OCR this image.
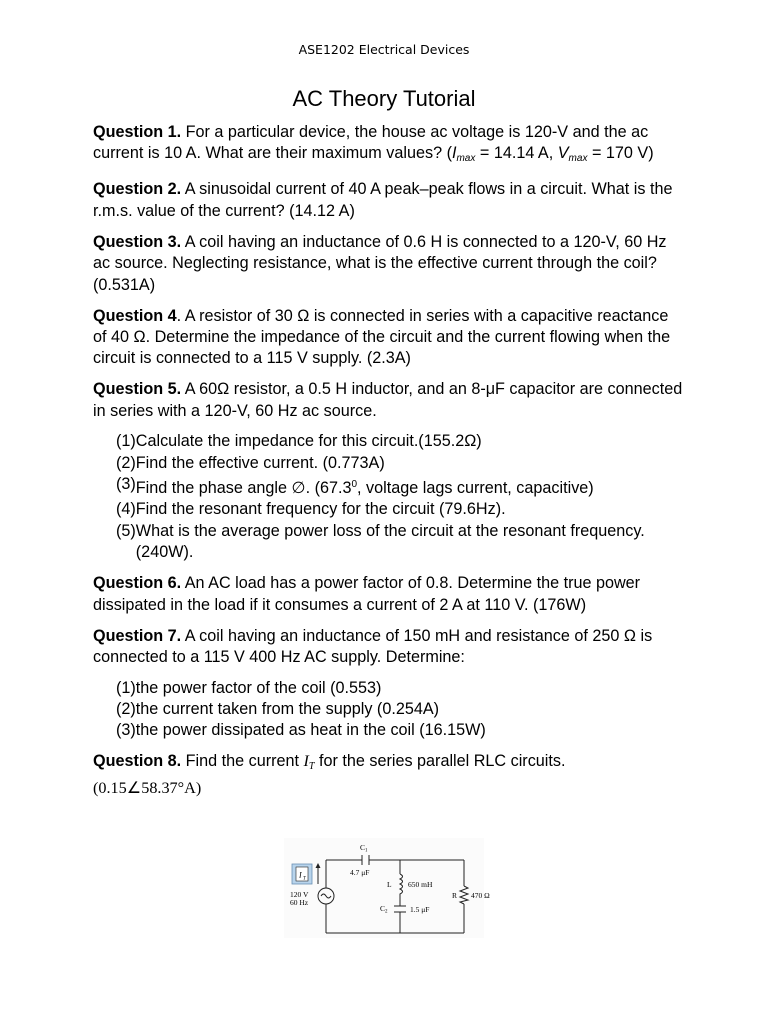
ASE1202 Electrical Devices
AC Theory Tutorial

Question 1. For a particular device, the house ac voltage is 120-V and the ac current is 10 A. What are their maximum values? ($I_{max} = 14.14$ A, $V_{max} = 170$ V)

Question 2. A sinusoidal current of 40 A peak–peak flows in a circuit. What is the r.m.s. value of the current? (14.12 A)

Question 3. A coil having an inductance of 0.6 H is connected to a 120-V, 60 Hz ac source. Neglecting resistance, what is the effective current through the coil? (0.531A)

Question 4. A resistor of 30 Ω is connected in series with a capacitive reactance of 40 Ω. Determine the impedance of the circuit and the current flowing when the circuit is connected to a 115 V supply. (2.3A)

Question 5. A 60Ω resistor, a 0.5 H inductor, and an 8-μF capacitor are connected in series with a 120-V, 60 Hz ac source.

(1) Calculate the impedance for this circuit.(155.2Ω)
(2) Find the effective current. (0.773A)
(3) Find the phase angle ∅. (67.3$^0$, voltage lags current, capacitive)
(4) Find the resonant frequency for the circuit (79.6Hz).
(5) What is the average power loss of the circuit at the resonant frequency. (240W).

Question 6. An AC load has a power factor of 0.8. Determine the true power dissipated in the load if it consumes a current of 2 A at 110 V. (176W)

Question 7. A coil having an inductance of 150 mH and resistance of 250 Ω is connected to a 115 V 400 Hz AC supply. Determine:

(1) the power factor of the coil (0.553)
(2) the current taken from the supply (0.254A)
(3) the power dissipated as heat in the coil (16.15W)

Question 8. Find the current $I_T$ for the series parallel RLC circuits.
(0.15∠58.37°A)

I T
C 1
4.7 μF
L 650 mH
R 470 Ω
C 2	1.5 μF
120 V
60 Hz
